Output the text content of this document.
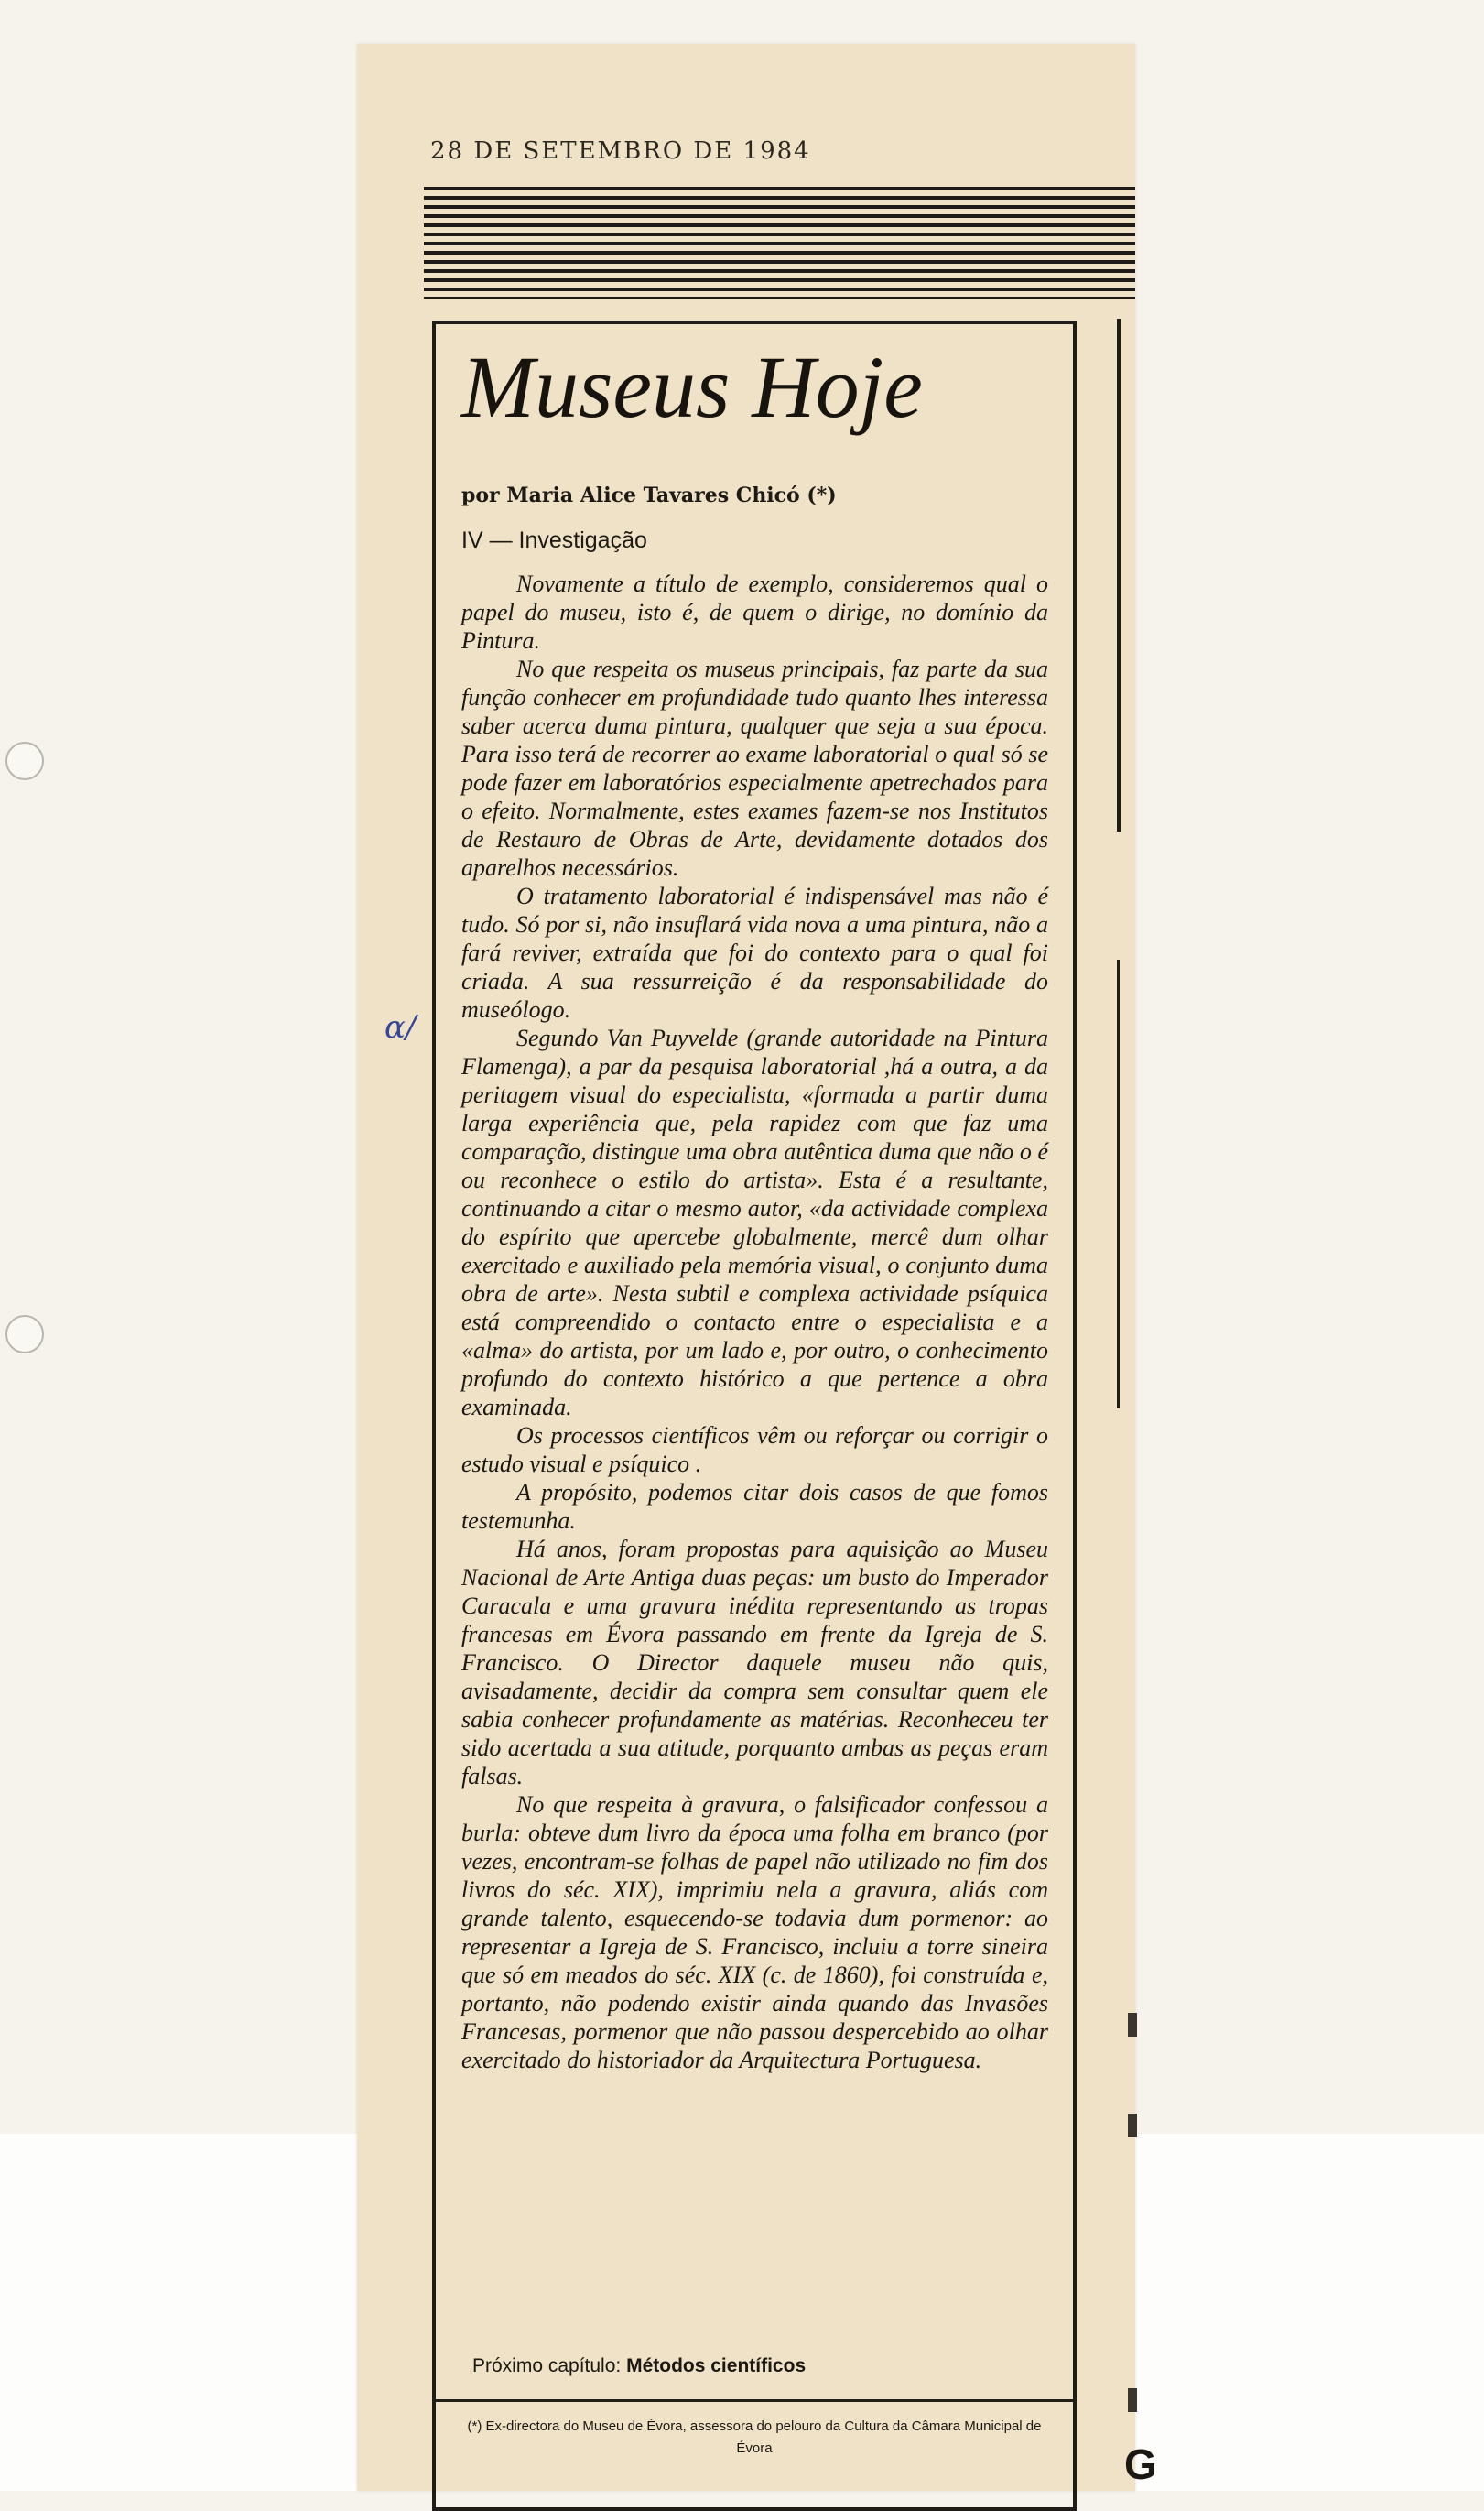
28 DE SETEMBRO DE 1984
Museus Hoje

por Maria Alice Tavares Chicó (*)

IV — Investigação

Novamente a título de exemplo, consideremos qual o papel do museu, isto é, de quem o dirige, no domínio da Pintura.

No que respeita os museus principais, faz parte da sua função conhecer em profundidade tudo quanto lhes interessa saber acerca duma pintura, qualquer que seja a sua época. Para isso terá de recorrer ao exame laboratorial o qual só se pode fazer em laboratórios especialmente apetrechados para o efeito. Normalmente, estes exames fazem-se nos Institutos de Restauro de Obras de Arte, devidamente dotados dos aparelhos necessários.

O tratamento laboratorial é indispensável mas não é tudo. Só por si, não insuflará vida nova a uma pintura, não a fará reviver, extraída que foi do contexto para o qual foi criada. A sua ressurreição é da responsabilidade do museólogo.

Segundo Van Puyvelde (grande autoridade na Pintura Flamenga), a par da pesquisa laboratorial ,há a outra, a da peritagem visual do especialista, «formada a partir duma larga experiência que, pela rapidez com que faz uma comparação, distingue uma obra autêntica duma que não o é ou reconhece o estilo do artista». Esta é a resultante, continuando a citar o mesmo autor, «da actividade complexa do espírito que apercebe globalmente, mercê dum olhar exercitado e auxiliado pela memória visual, o conjunto duma obra de arte». Nesta subtil e complexa actividade psíquica está compreendido o contacto entre o especialista e a «alma» do artista, por um lado e, por outro, o conhecimento profundo do contexto histórico a que pertence a obra examinada.

Os processos científicos vêm ou reforçar ou corrigir o estudo visual e psíquico .

A propósito, podemos citar dois casos de que fomos testemunha.

Há anos, foram propostas para aquisição ao Museu Nacional de Arte Antiga duas peças: um busto do Imperador Caracala e uma gravura inédita representando as tropas francesas em Évora passando em frente da Igreja de S. Francisco. O Director daquele museu não quis, avisadamente, decidir da compra sem consultar quem ele sabia conhecer profundamente as matérias. Reconheceu ter sido acertada a sua atitude, porquanto ambas as peças eram falsas.

No que respeita à gravura, o falsificador confessou a burla: obteve dum livro da época uma folha em branco (por vezes, encontram-se folhas de papel não utilizado no fim dos livros do séc. XIX), imprimiu nela a gravura, aliás com grande talento, esquecendo-se todavia dum pormenor: ao representar a Igreja de S. Francisco, incluiu a torre sineira que só em meados do séc. XIX (c. de 1860), foi construída e, portanto, não podendo existir ainda quando das Invasões Francesas, pormenor que não passou despercebido ao olhar exercitado do historiador da Arquitectura Portuguesa.

Próximo capítulo: Métodos científicos

(*) Ex-directora do Museu de Évora, assessora do pelouro da Cultura da Câmara Municipal de Évora
α/
G
